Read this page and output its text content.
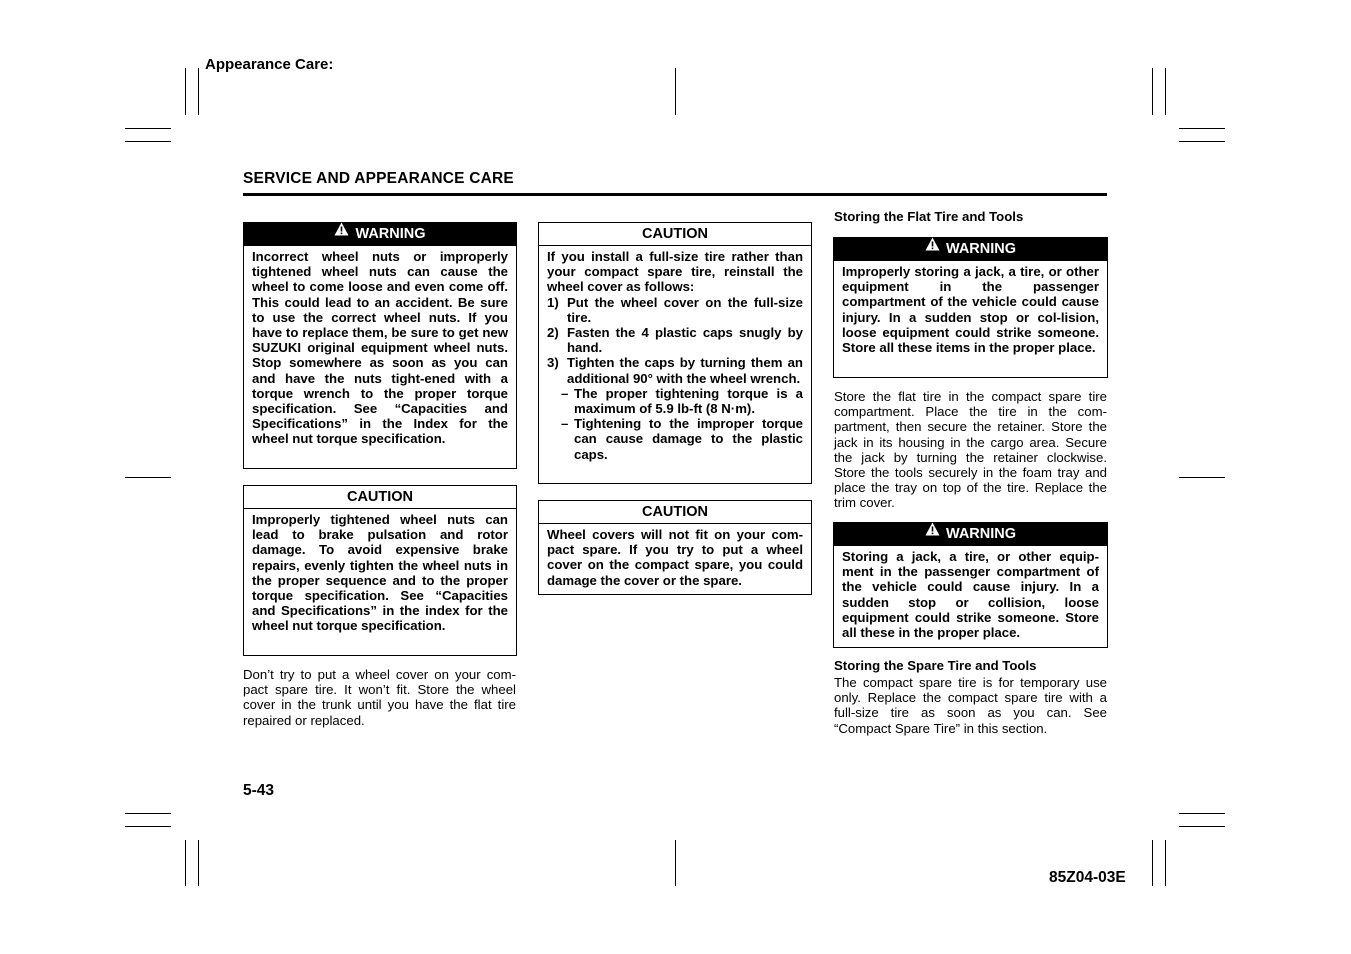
Appearance Care:
SERVICE AND APPEARANCE CARE
WARNING
Incorrect wheel nuts or improperly tightened wheel nuts can cause the wheel to come loose and even come off. This could lead to an accident. Be sure to use the correct wheel nuts. If you have to replace them, be sure to get new SUZUKI original equipment wheel nuts. Stop somewhere as soon as you can and have the nuts tight-ened with a torque wrench to the proper torque specification. See “Capacities and Specifications” in the Index for the wheel nut torque specification.
CAUTION
Improperly tightened wheel nuts can lead to brake pulsation and rotor damage. To avoid expensive brake repairs, evenly tighten the wheel nuts in the proper sequence and to the proper torque specification. See “Capacities and Specifications” in the index for the wheel nut torque specification.
Don’t try to put a wheel cover on your com-pact spare tire. It won’t fit. Store the wheel cover in the trunk until you have the flat tire repaired or replaced.
CAUTION

If you install a full-size tire rather than your compact spare tire, reinstall the wheel cover as follows:

1) Put the wheel cover on the full-size tire.
2) Fasten the 4 plastic caps snugly by hand.
3) Tighten the caps by turning them an additional 90° with the wheel wrench.
– The proper tightening torque is a maximum of 5.9 lb-ft (8 N·m).
– Tightening to the improper torque can cause damage to the plastic caps.
CAUTION
Wheel covers will not fit on your com-pact spare. If you try to put a wheel cover on the compact spare, you could damage the cover or the spare.
Storing the Flat Tire and Tools
WARNING
Improperly storing a jack, a tire, or other equipment in the passenger compartment of the vehicle could cause injury. In a sudden stop or col-lision, loose equipment could strike someone. Store all these items in the proper place.
Store the flat tire in the compact spare tire compartment. Place the tire in the com-partment, then secure the retainer. Store the jack in its housing in the cargo area. Secure the jack by turning the retainer clockwise. Store the tools securely in the foam tray and place the tray on top of the tire. Replace the trim cover.
WARNING
Storing a jack, a tire, or other equip-ment in the passenger compartment of the vehicle could cause injury. In a sudden stop or collision, loose equipment could strike someone. Store all these in the proper place.
Storing the Spare Tire and Tools
The compact spare tire is for temporary use only. Replace the compact spare tire with a full-size tire as soon as you can. See “Compact Spare Tire” in this section.
5-43
85Z04-03E
